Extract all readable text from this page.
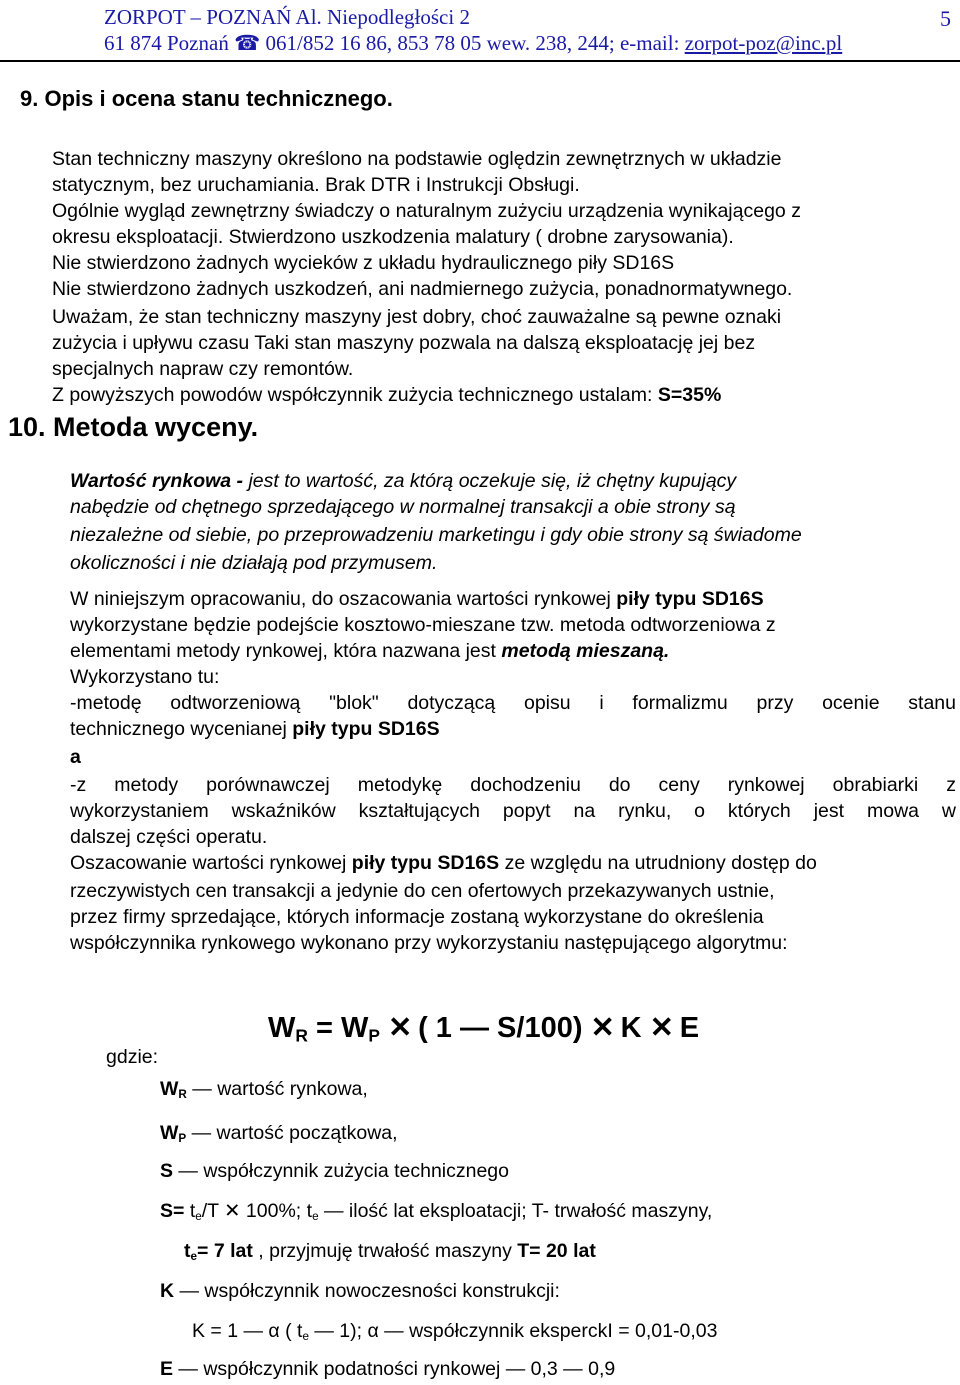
ZORPOT – POZNAŃ Al. Niepodległości 2
61 874 Poznań ☎ 061/852 16 86, 853 78 05 wew. 238, 244; e-mail: zorpot-poz@inc.pl
5
9. Opis i ocena stanu technicznego.
Stan techniczny maszyny określono na podstawie oględzin zewnętrznych w układzie
statycznym, bez uruchamiania. Brak DTR i Instrukcji Obsługi.
Ogólnie wygląd zewnętrzny świadczy o naturalnym zużyciu urządzenia wynikającego z
okresu eksploatacji. Stwierdzono uszkodzenia malatury ( drobne zarysowania).
Nie stwierdzono żadnych wycieków z układu hydraulicznego piły SD16S
Nie stwierdzono żadnych uszkodzeń, ani nadmiernego zużycia, ponadnormatywnego.
Uważam, że stan techniczny maszyny jest dobry, choć zauważalne są pewne oznaki
zużycia i upływu czasu Taki stan maszyny pozwala na dalszą eksploatację jej bez
specjalnych napraw czy remontów.
Z powyższych powodów współczynnik zużycia technicznego ustalam: S=35%
10. Metoda wyceny.
Wartość rynkowa - jest to wartość, za którą oczekuje się, iż chętny kupujący
nabędzie od chętnego sprzedającego w normalnej transakcji a obie strony są
niezależne od siebie, po przeprowadzeniu marketingu i gdy obie strony są świadome
okoliczności i nie działają pod przymusem.
W niniejszym opracowaniu, do oszacowania wartości rynkowej piły typu SD16S
wykorzystane będzie podejście kosztowo-mieszane tzw. metoda odtworzeniowa z
elementami metody rynkowej, która nazwana jest metodą mieszaną.
Wykorzystano tu:
-metodę odtworzeniową "blok" dotyczącą opisu i formalizmu przy ocenie stanu
technicznego wycenianej piły typu SD16S
a
-z metody porównawczej metodykę dochodzeniu do ceny rynkowej obrabiarki z
wykorzystaniem wskaźników kształtujących popyt na rynku, o których jest mowa w
dalszej części operatu.
Oszacowanie wartości rynkowej piły typu SD16S ze względu na utrudniony dostęp do
rzeczywistych cen transakcji a jedynie do cen ofertowych przekazywanych ustnie,
przez firmy sprzedające, których informacje zostaną wykorzystane do określenia
współczynnika rynkowego wykonano przy wykorzystaniu następującego algorytmu:
$W_R = W_P$ ✕ ( 1 — S/100) ✕ K ✕ E
gdzie:
$W_R$ — wartość rynkowa,
$W_P$ — wartość początkowa,
S — współczynnik zużycia technicznego
$S= t_e/T$ ✕ 100%; $t_e$ — ilość lat eksploatacji; T- trwałość maszyny,
$t_e= 7$ lat , przyjmuję trwałość maszyny T= 20 lat
K — współczynnik nowoczesności konstrukcji:
K = 1 — α ( $t_e$ — 1); α — współczynnik eksperckI = 0,01-0,03
E — współczynnik podatności rynkowej — 0,3 — 0,9
